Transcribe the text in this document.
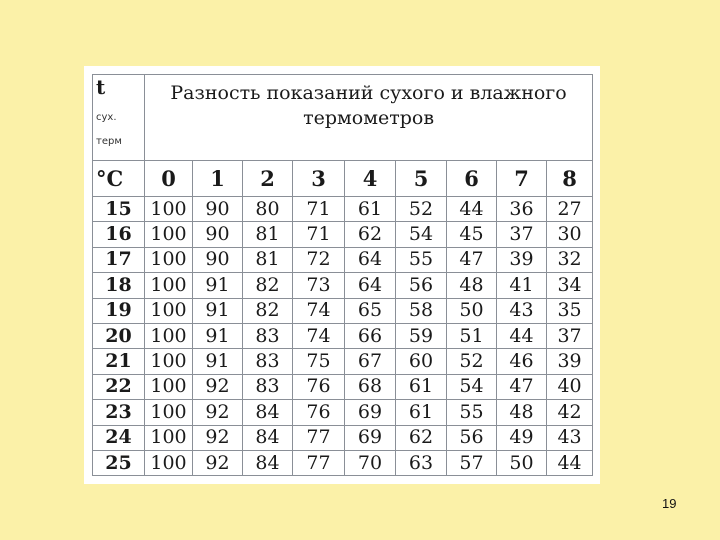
t
сух.
терм	Разность показаний сухого и влажного термометров								
°C	0	1	2	3	4	5	6	7	8
15	100	90	80	71	61	52	44	36	27
16	100	90	81	71	62	54	45	37	30
17	100	90	81	72	64	55	47	39	32
18	100	91	82	73	64	56	48	41	34
19	100	91	82	74	65	58	50	43	35
20	100	91	83	74	66	59	51	44	37
21	100	91	83	75	67	60	52	46	39
22	100	92	83	76	68	61	54	47	40
23	100	92	84	76	69	61	55	48	42
24	100	92	84	77	69	62	56	49	43
25	100	92	84	77	70	63	57	50	44
19
